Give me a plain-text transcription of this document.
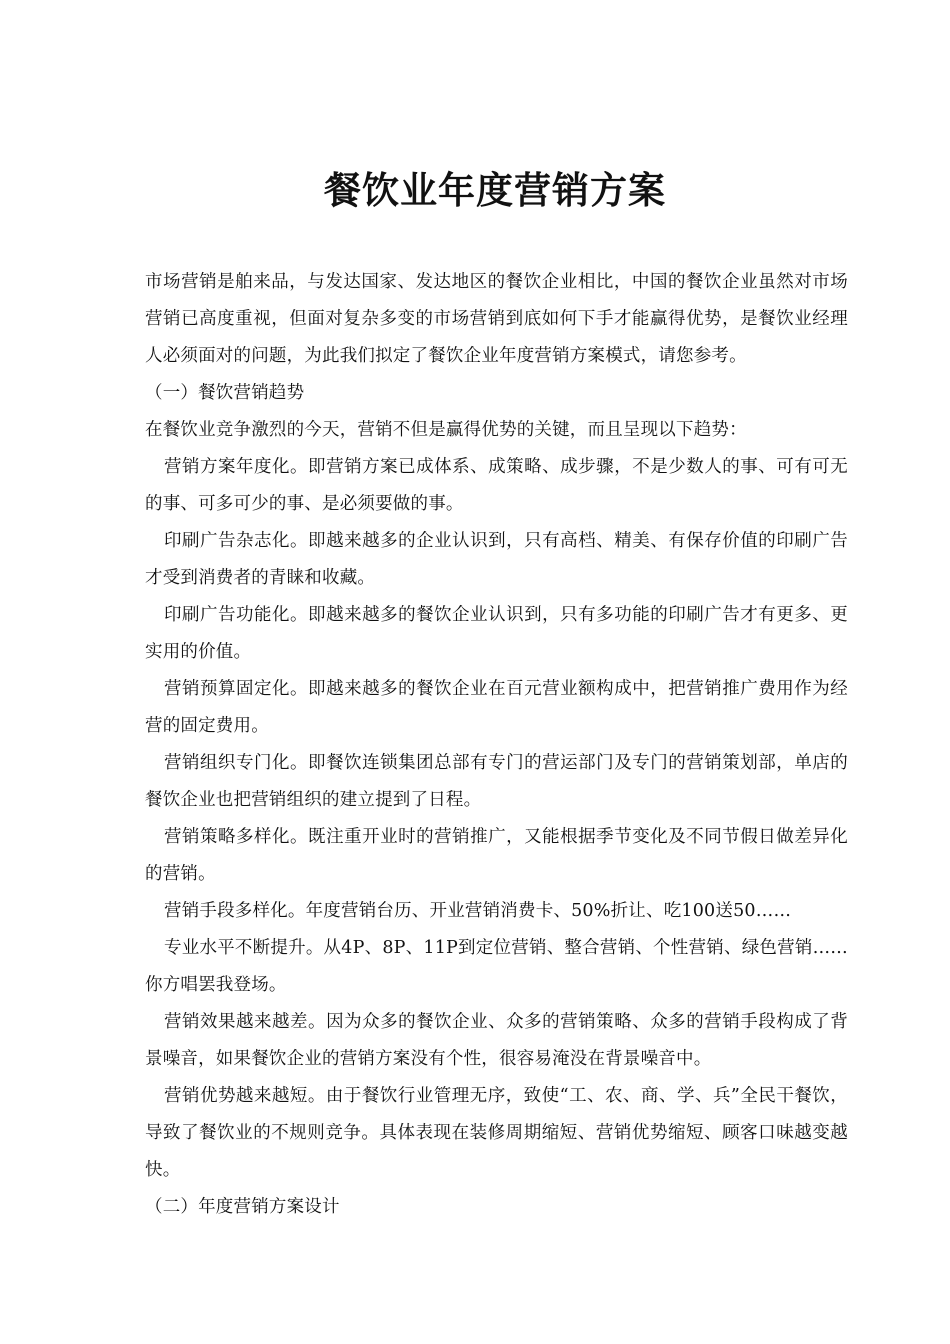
餐饮业年度营销方案

市场营销是舶来品，与发达国家、发达地区的餐饮企业相比，中国的餐饮企业虽然对市场营销已高度重视，但面对复杂多变的市场营销到底如何下手才能赢得优势，是餐饮业经理人必须面对的问题，为此我们拟定了餐饮企业年度营销方案模式，请您参考。

（一）餐饮营销趋势

在餐饮业竞争激烈的今天，营销不但是赢得优势的关键，而且呈现以下趋势：

营销方案年度化。即营销方案已成体系、成策略、成步骤，不是少数人的事、可有可无的事、可多可少的事、是必须要做的事。

印刷广告杂志化。即越来越多的企业认识到，只有高档、精美、有保存价值的印刷广告才受到消费者的青睐和收藏。

印刷广告功能化。即越来越多的餐饮企业认识到，只有多功能的印刷广告才有更多、更实用的价值。

营销预算固定化。即越来越多的餐饮企业在百元营业额构成中，把营销推广费用作为经营的固定费用。

营销组织专门化。即餐饮连锁集团总部有专门的营运部门及专门的营销策划部，单店的餐饮企业也把营销组织的建立提到了日程。

营销策略多样化。既注重开业时的营销推广，又能根据季节变化及不同节假日做差异化的营销。

营销手段多样化。年度营销台历、开业营销消费卡、50%折让、吃100送50……

专业水平不断提升。从4P、8P、11P到定位营销、整合营销、个性营销、绿色营销……你方唱罢我登场。

营销效果越来越差。因为众多的餐饮企业、众多的营销策略、众多的营销手段构成了背景噪音，如果餐饮企业的营销方案没有个性，很容易淹没在背景噪音中。

营销优势越来越短。由于餐饮行业管理无序，致使“工、农、商、学、兵”全民干餐饮，导致了餐饮业的不规则竞争。具体表现在装修周期缩短、营销优势缩短、顾客口味越变越快。

（二）年度营销方案设计
